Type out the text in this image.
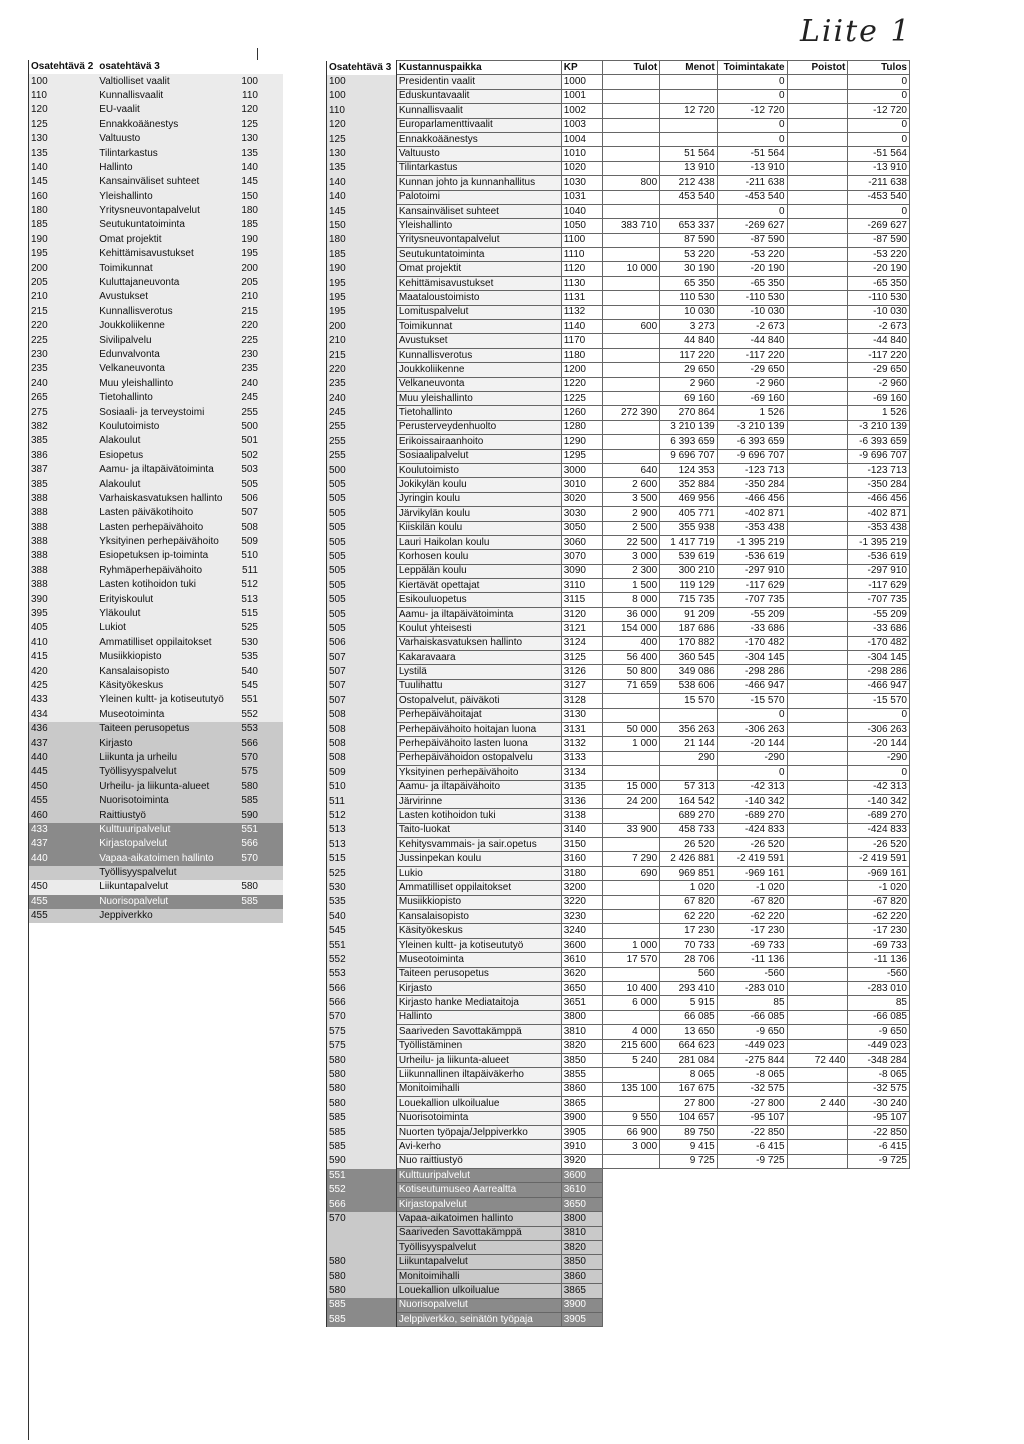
Liite 1
Osatehtävä 2	osatehtävä 3	
100	Valtiolliset vaalit	100
110	Kunnallisvaalit	110
120	EU-vaalit	120
125	Ennakkoäänestys	125
130	Valtuusto	130
135	Tilintarkastus	135
140	Hallinto	140
145	Kansainväliset suhteet	145
160	Yleishallinto	150
180	Yritysneuvontapalvelut	180
185	Seutukuntatoiminta	185
190	Omat projektit	190
195	Kehittämisavustukset	195
200	Toimikunnat	200
205	Kuluttajaneuvonta	205
210	Avustukset	210
215	Kunnallisverotus	215
220	Joukkoliikenne	220
225	Sivilipalvelu	225
230	Edunvalvonta	230
235	Velkaneuvonta	235
240	Muu yleishallinto	240
265	Tietohallinto	245
275	Sosiaali- ja terveystoimi	255
382	Koulutoimisto	500
385	Alakoulut	501
386	Esiopetus	502
387	Aamu- ja iltapäivätoiminta	503
385	Alakoulut	505
388	Varhaiskasvatuksen hallinto	506
388	Lasten päiväkotihoito	507
388	Lasten perhepäivähoito	508
388	Yksityinen perhepäivähoito	509
388	Esiopetuksen ip-toiminta	510
388	Ryhmäperhepäivähoito	511
388	Lasten kotihoidon tuki	512
390	Erityiskoulut	513
395	Yläkoulut	515
405	Lukiot	525
410	Ammatilliset oppilaitokset	530
415	Musiikkiopisto	535
420	Kansalaisopisto	540
425	Käsityökeskus	545
433	Yleinen kultt- ja kotiseututyö	551
434	Museotoiminta	552
436	Taiteen perusopetus	553
437	Kirjasto	566
440	Liikunta ja urheilu	570
445	Työllisyyspalvelut	575
450	Urheilu- ja liikunta-alueet	580
455	Nuorisotoiminta	585
460	Raittiustyö	590
433	Kulttuuripalvelut	551
437	Kirjastopalvelut	566
440	Vapaa-aikatoimen hallinto	570
	Työllisyyspalvelut	
450	Liikuntapalvelut	580
455	Nuorisopalvelut	585
455	Jeppiverkko	
Osatehtävä 3	Kustannuspaikka	KP	Tulot	Menot	Toimintakate	Poistot	Tulos
100	Presidentin vaalit	1000			0		0
100	Eduskuntavaalit	1001			0		0
110	Kunnallisvaalit	1002		12 720	-12 720		-12 720
120	Europarlamenttivaalit	1003			0		0
125	Ennakkoäänestys	1004			0		0
130	Valtuusto	1010		51 564	-51 564		-51 564
135	Tilintarkastus	1020		13 910	-13 910		-13 910
140	Kunnan johto ja kunnanhallitus	1030	800	212 438	-211 638		-211 638
140	Palotoimi	1031		453 540	-453 540		-453 540
145	Kansainväliset suhteet	1040			0		0
150	Yleishallinto	1050	383 710	653 337	-269 627		-269 627
180	Yritysneuvontapalvelut	1100		87 590	-87 590		-87 590
185	Seutukuntatoiminta	1110		53 220	-53 220		-53 220
190	Omat projektit	1120	10 000	30 190	-20 190		-20 190
195	Kehittämisavustukset	1130		65 350	-65 350		-65 350
195	Maataloustoimisto	1131		110 530	-110 530		-110 530
195	Lomituspalvelut	1132		10 030	-10 030		-10 030
200	Toimikunnat	1140	600	3 273	-2 673		-2 673
210	Avustukset	1170		44 840	-44 840		-44 840
215	Kunnallisverotus	1180		117 220	-117 220		-117 220
220	Joukkoliikenne	1200		29 650	-29 650		-29 650
235	Velkaneuvonta	1220		2 960	-2 960		-2 960
240	Muu yleishallinto	1225		69 160	-69 160		-69 160
245	Tietohallinto	1260	272 390	270 864	1 526		1 526
255	Perusterveydenhuolto	1280		3 210 139	-3 210 139		-3 210 139
255	Erikoissairaanhoito	1290		6 393 659	-6 393 659		-6 393 659
255	Sosiaalipalvelut	1295		9 696 707	-9 696 707		-9 696 707
500	Koulutoimisto	3000	640	124 353	-123 713		-123 713
505	Jokikylän koulu	3010	2 600	352 884	-350 284		-350 284
505	Jyringin koulu	3020	3 500	469 956	-466 456		-466 456
505	Järvikylän koulu	3030	2 900	405 771	-402 871		-402 871
505	Kiiskilän koulu	3050	2 500	355 938	-353 438		-353 438
505	Lauri Haikolan koulu	3060	22 500	1 417 719	-1 395 219		-1 395 219
505	Korhosen koulu	3070	3 000	539 619	-536 619		-536 619
505	Leppälän koulu	3090	2 300	300 210	-297 910		-297 910
505	Kiertävät opettajat	3110	1 500	119 129	-117 629		-117 629
505	Esikouluopetus	3115	8 000	715 735	-707 735		-707 735
505	Aamu- ja iltapäivätoiminta	3120	36 000	91 209	-55 209		-55 209
505	Koulut yhteisesti	3121	154 000	187 686	-33 686		-33 686
506	Varhaiskasvatuksen hallinto	3124	400	170 882	-170 482		-170 482
507	Kakaravaara	3125	56 400	360 545	-304 145		-304 145
507	Lystilä	3126	50 800	349 086	-298 286		-298 286
507	Tuulihattu	3127	71 659	538 606	-466 947		-466 947
507	Ostopalvelut, päiväkoti	3128		15 570	-15 570		-15 570
508	Perhepäivähoitajat	3130			0		0
508	Perhepäivähoito hoitajan luona	3131	50 000	356 263	-306 263		-306 263
508	Perhepäivähoito lasten luona	3132	1 000	21 144	-20 144		-20 144
508	Perhepäivähoidon ostopalvelu	3133		290	-290		-290
509	Yksityinen perhepäivähoito	3134			0		0
510	Aamu- ja iltapäivähoito	3135	15 000	57 313	-42 313		-42 313
511	Järvirinne	3136	24 200	164 542	-140 342		-140 342
512	Lasten kotihoidon tuki	3138		689 270	-689 270		-689 270
513	Taito-luokat	3140	33 900	458 733	-424 833		-424 833
513	Kehitysvammais- ja sair.opetus	3150		26 520	-26 520		-26 520
515	Jussinpekan koulu	3160	7 290	2 426 881	-2 419 591		-2 419 591
525	Lukio	3180	690	969 851	-969 161		-969 161
530	Ammatilliset oppilaitokset	3200		1 020	-1 020		-1 020
535	Musiikkiopisto	3220		67 820	-67 820		-67 820
540	Kansalaisopisto	3230		62 220	-62 220		-62 220
545	Käsityökeskus	3240		17 230	-17 230		-17 230
551	Yleinen kultt- ja kotiseututyö	3600	1 000	70 733	-69 733		-69 733
552	Museotoiminta	3610	17 570	28 706	-11 136		-11 136
553	Taiteen perusopetus	3620		560	-560		-560
566	Kirjasto	3650	10 400	293 410	-283 010		-283 010
566	Kirjasto hanke Mediataitoja	3651	6 000	5 915	85		85
570	Hallinto	3800		66 085	-66 085		-66 085
575	Saariveden Savottakämppä	3810	4 000	13 650	-9 650		-9 650
575	Työllistäminen	3820	215 600	664 623	-449 023		-449 023
580	Urheilu- ja liikunta-alueet	3850	5 240	281 084	-275 844	72 440	-348 284
580	Liikunnallinen iltapäiväkerho	3855		8 065	-8 065		-8 065
580	Monitoimihalli	3860	135 100	167 675	-32 575		-32 575
580	Louekallion ulkoilualue	3865		27 800	-27 800	2 440	-30 240
585	Nuorisotoiminta	3900	9 550	104 657	-95 107		-95 107
585	Nuorten työpaja/Jelppiverkko	3905	66 900	89 750	-22 850		-22 850
585	Avi-kerho	3910	3 000	9 415	-6 415		-6 415
590	Nuo raittiustyö	3920		9 725	-9 725		-9 725
551	Kulttuuripalvelut	3600					
552	Kotiseutumuseo Aarrealtta	3610					
566	Kirjastopalvelut	3650					
570	Vapaa-aikatoimen hallinto	3800					
	Saariveden Savottakämppä	3810					
	Työllisyyspalvelut	3820					
580	Liikuntapalvelut	3850					
580	Monitoimihalli	3860					
580	Louekallion ulkoilualue	3865					
585	Nuorisopalvelut	3900					
585	Jelppiverkko, seinätön työpaja	3905					
